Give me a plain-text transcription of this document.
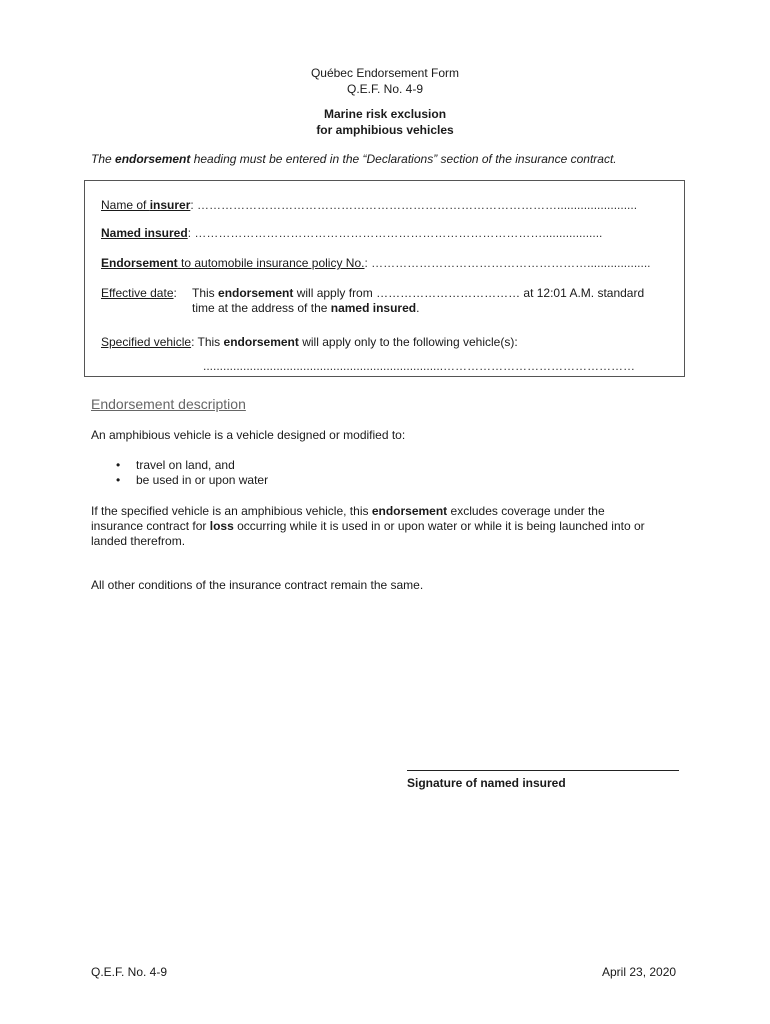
Québec Endorsement Form
Q.E.F. No. 4-9
Marine risk exclusion
for amphibious vehicles
The endorsement heading must be entered in the “Declarations” section of the insurance contract.
Name of insurer: ………………………………………………………………………………........................
Named insured: ……………………………………………………………………………..................
Endorsement to automobile insurance policy No.: ………………………………………………...................
Effective date: This endorsement will apply from ……………………………… at 12:01 A.M. standard
time at the address of the named insured.
Specified vehicle: This endorsement will apply only to the following vehicle(s):
........................................................................…………………………………………
Endorsement description
An amphibious vehicle is a vehicle designed or modified to:
• travel on land, and
• be used in or upon water
If the specified vehicle is an amphibious vehicle, this endorsement excludes coverage under the
insurance contract for loss occurring while it is used in or upon water or while it is being launched into or
landed therefrom.
All other conditions of the insurance contract remain the same.
Signature of named insured
Q.E.F. No. 4-9	April 23, 2020
